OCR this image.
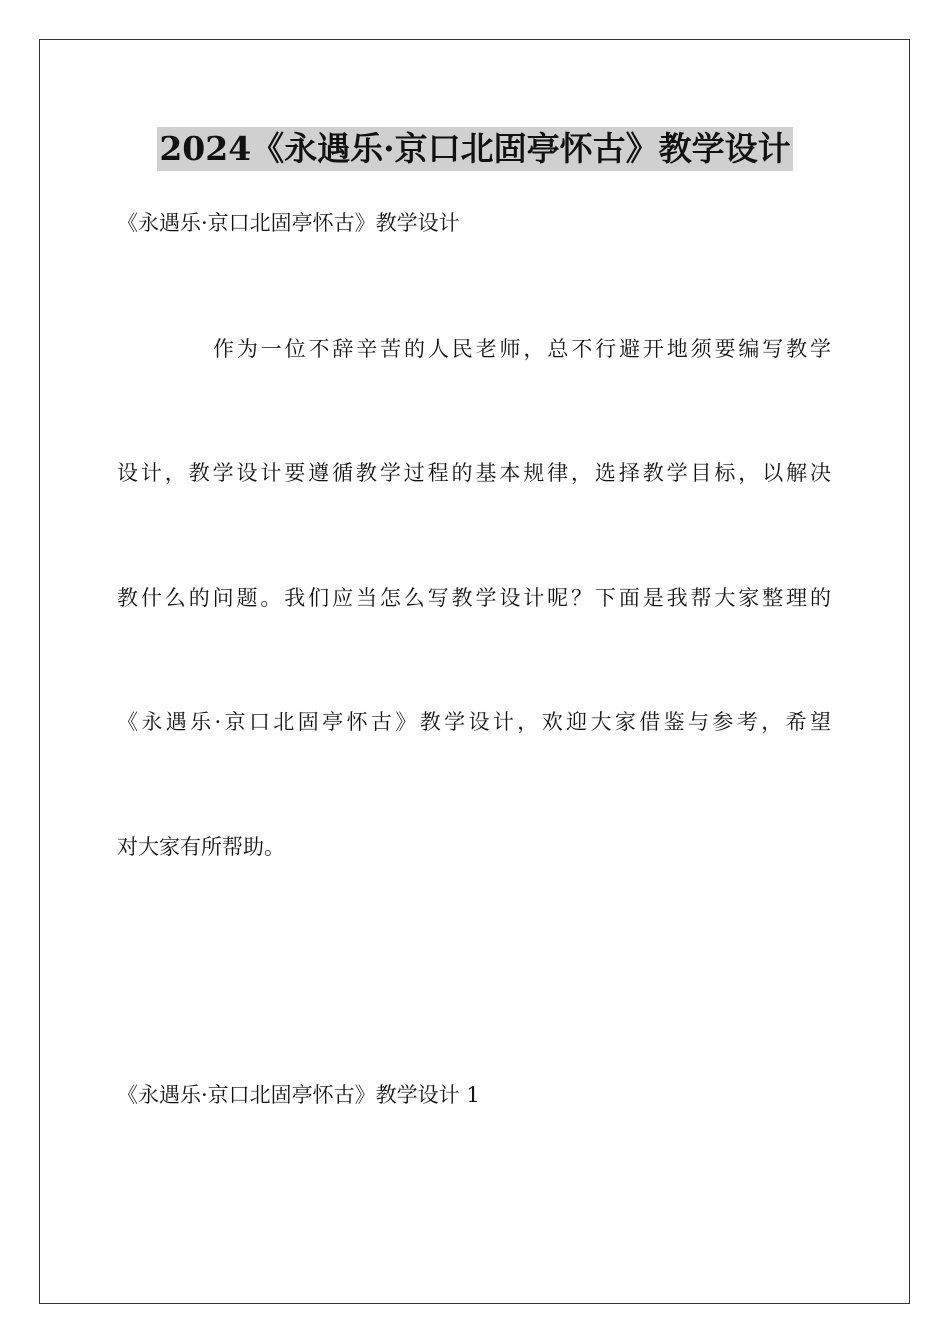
2024《永遇乐·京口北固亭怀古》教学设计
《永遇乐·京口北固亭怀古》教学设计
作为一位不辞辛苦的人民老师，总不行避开地须要编写教学
设计，教学设计要遵循教学过程的基本规律，选择教学目标，以解决
教什么的问题。我们应当怎么写教学设计呢？下面是我帮大家整理的
《永遇乐·京口北固亭怀古》教学设计，欢迎大家借鉴与参考，希望
对大家有所帮助。
《永遇乐·京口北固亭怀古》教学设计 1
